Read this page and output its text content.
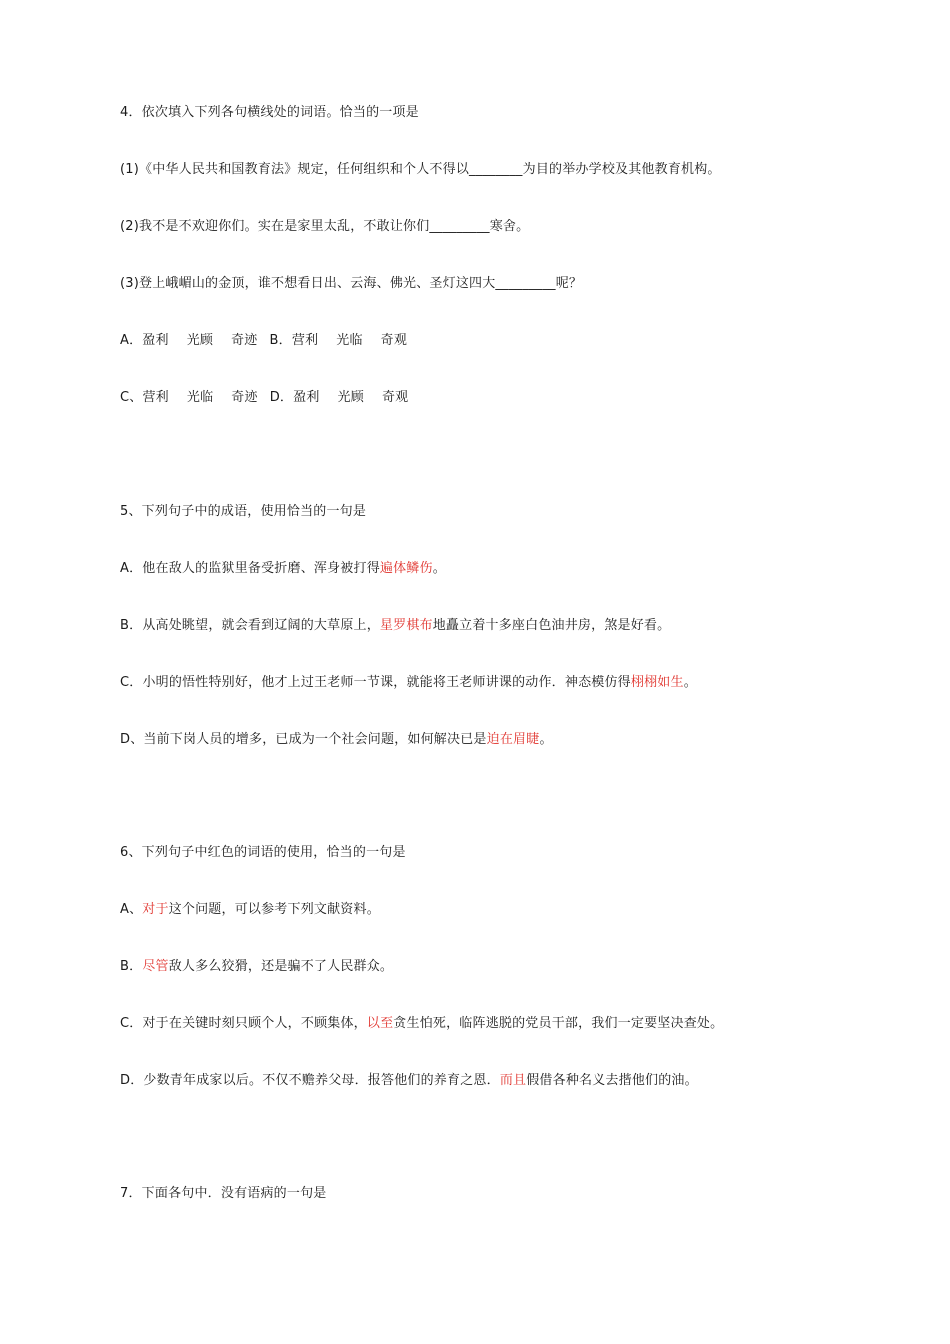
4．依次填入下列各句横线处的词语。恰当的一项是
(1)《中华人民共和国教育法》规定，任何组织和个人不得以________为目的举办学校及其他教育机构。
(2)我不是不欢迎你们。实在是家里太乱，不敢让你们_________寒舍。
(3)登上峨嵋山的金顶，谁不想看日出、云海、佛光、圣灯这四大_________呢？
A．盈利 光顾 奇迹 B．营利 光临 奇观
C、营利 光临 奇迹 D．盈利 光顾 奇观
5、下列句子中的成语，使用恰当的一句是
A．他在敌人的监狱里备受折磨、浑身被打得遍体鳞伤。
B．从高处眺望，就会看到辽阔的大草原上，星罗棋布地矗立着十多座白色油井房，煞是好看。
C．小明的悟性特别好，他才上过王老师一节课，就能将王老师讲课的动作．神态模仿得栩栩如生。
D、当前下岗人员的增多，已成为一个社会问题，如何解决已是迫在眉睫。
6、下列句子中红色的词语的使用，恰当的一句是
A、对于这个问题，可以参考下列文献资料。
B．尽管敌人多么狡猾，还是骗不了人民群众。
C．对于在关键时刻只顾个人，不顾集体，以至贪生怕死，临阵逃脱的党员干部，我们一定要坚决查处。
D．少数青年成家以后。不仅不赡养父母．报答他们的养育之恩．而且假借各种名义去揩他们的油。
7．下面各句中．没有语病的一句是
